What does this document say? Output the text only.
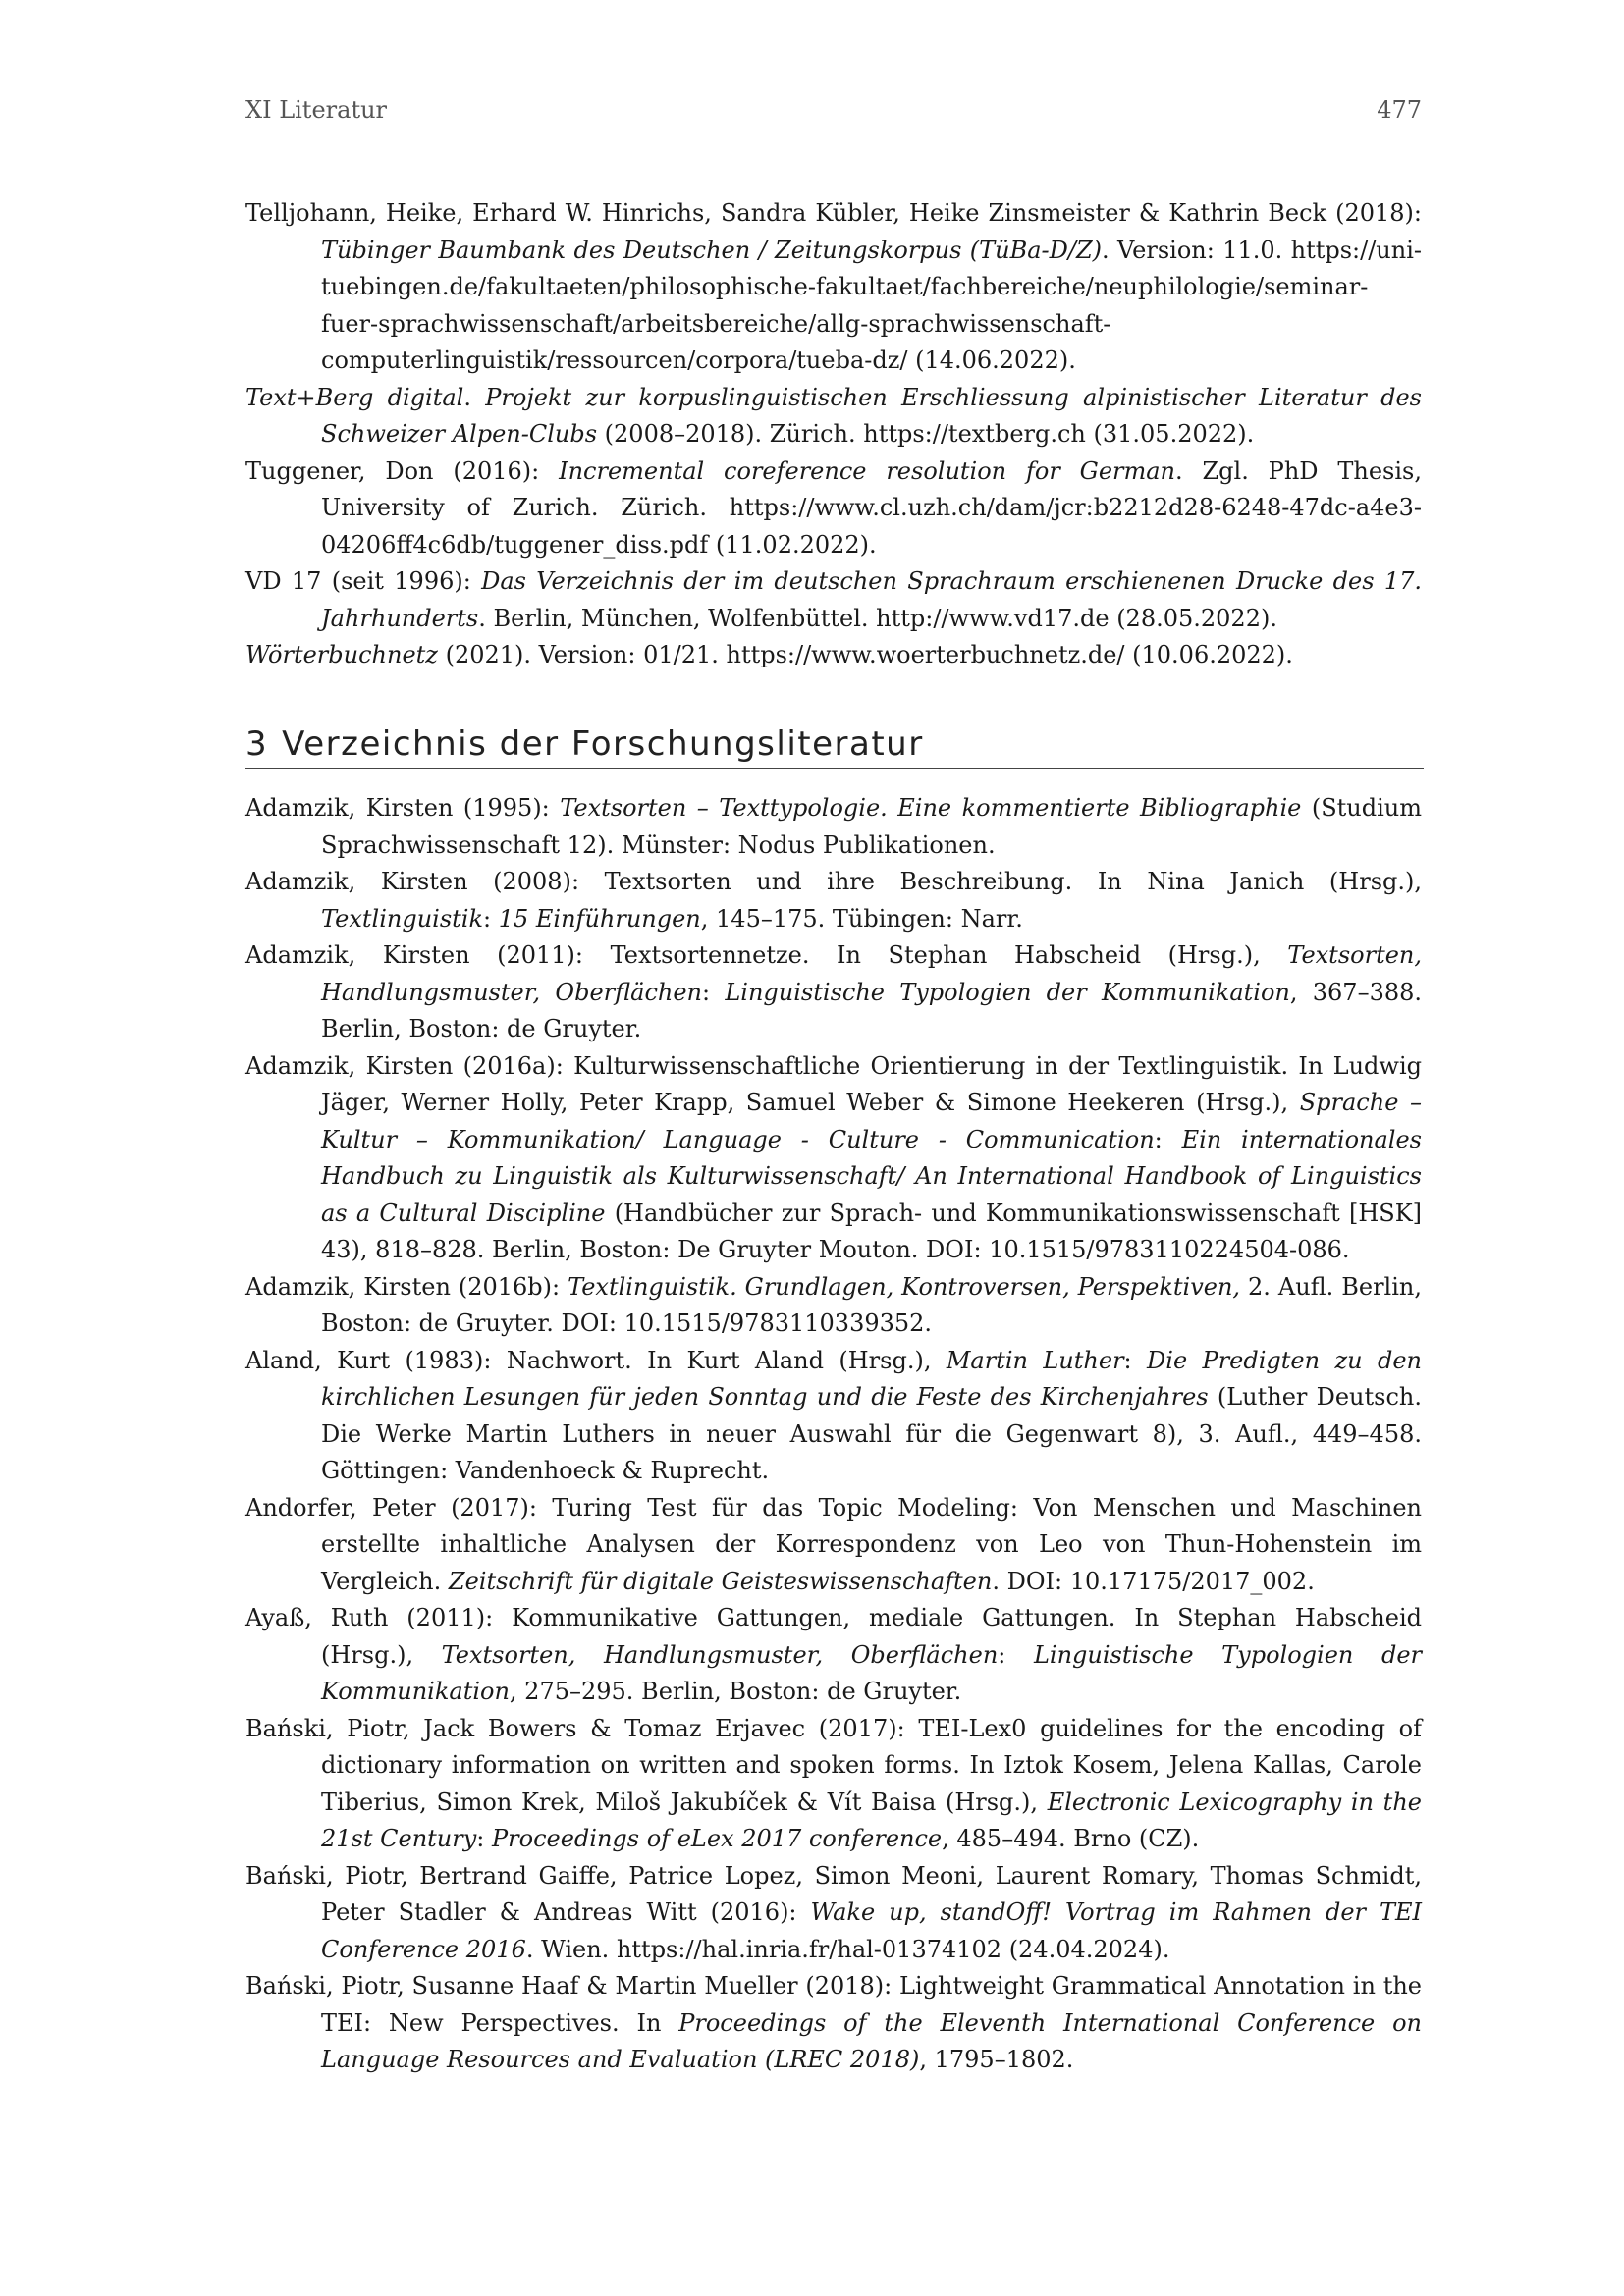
XI Literatur	477
Telljohann, Heike, Erhard W. Hinrichs, Sandra Kübler, Heike Zinsmeister & Kathrin Beck (2018): Tübinger Baumbank des Deutschen / Zeitungskorpus (TüBa-D/Z). Version: 11.0. https://uni-tuebingen.de/fakultaeten/philosophische-fakultaet/fachbereiche/neuphilologie/seminar-fuer-sprachwissenschaft/arbeitsbereiche/allg-sprachwissenschaft-computerlinguistik/ressourcen/corpora/tueba-dz/ (14.06.2022).
Text+Berg digital. Projekt zur korpuslinguistischen Erschliessung alpinistischer Literatur des Schweizer Alpen-Clubs (2008–2018). Zürich. https://textberg.ch (31.05.2022).
Tuggener, Don (2016): Incremental coreference resolution for German. Zgl. PhD Thesis, University of Zurich. Zürich. https://www.cl.uzh.ch/dam/jcr:b2212d28-6248-47dc-a4e3-04206ff4c6db/tuggener_diss.pdf (11.02.2022).
VD 17 (seit 1996): Das Verzeichnis der im deutschen Sprachraum erschienenen Drucke des 17. Jahrhunderts. Berlin, München, Wolfenbüttel. http://www.vd17.de (28.05.2022).
Wörterbuchnetz (2021). Version: 01/21. https://www.woerterbuchnetz.de/ (10.06.2022).
3 Verzeichnis der Forschungsliteratur
Adamzik, Kirsten (1995): Textsorten – Texttypologie. Eine kommentierte Bibliographie (Studium Sprachwissenschaft 12). Münster: Nodus Publikationen.
Adamzik, Kirsten (2008): Textsorten und ihre Beschreibung. In Nina Janich (Hrsg.), Textlinguistik: 15 Einführungen, 145–175. Tübingen: Narr.
Adamzik, Kirsten (2011): Textsortennetze. In Stephan Habscheid (Hrsg.), Textsorten, Handlungsmuster, Oberflächen: Linguistische Typologien der Kommunikation, 367–388. Berlin, Boston: de Gruyter.
Adamzik, Kirsten (2016a): Kulturwissenschaftliche Orientierung in der Textlinguistik. In Ludwig Jäger, Werner Holly, Peter Krapp, Samuel Weber & Simone Heekeren (Hrsg.), Sprache – Kultur – Kommunikation/ Language - Culture - Communication: Ein internationales Handbuch zu Linguistik als Kulturwissenschaft/ An International Handbook of Linguistics as a Cultural Discipline (Handbücher zur Sprach- und Kommunikationswissenschaft [HSK] 43), 818–828. Berlin, Boston: De Gruyter Mouton. DOI: 10.1515/9783110224504-086.
Adamzik, Kirsten (2016b): Textlinguistik. Grundlagen, Kontroversen, Perspektiven, 2. Aufl. Berlin, Boston: de Gruyter. DOI: 10.1515/9783110339352.
Aland, Kurt (1983): Nachwort. In Kurt Aland (Hrsg.), Martin Luther: Die Predigten zu den kirchlichen Lesungen für jeden Sonntag und die Feste des Kirchenjahres (Luther Deutsch. Die Werke Martin Luthers in neuer Auswahl für die Gegenwart 8), 3. Aufl., 449–458. Göttingen: Vandenhoeck & Ruprecht.
Andorfer, Peter (2017): Turing Test für das Topic Modeling: Von Menschen und Maschinen erstellte inhaltliche Analysen der Korrespondenz von Leo von Thun-Hohenstein im Vergleich. Zeitschrift für digitale Geisteswissenschaften. DOI: 10.17175/2017_002.
Ayaß, Ruth (2011): Kommunikative Gattungen, mediale Gattungen. In Stephan Habscheid (Hrsg.), Textsorten, Handlungsmuster, Oberflächen: Linguistische Typologien der Kommunikation, 275–295. Berlin, Boston: de Gruyter.
Bański, Piotr, Jack Bowers & Tomaz Erjavec (2017): TEI-Lex0 guidelines for the encoding of dictionary information on written and spoken forms. In Iztok Kosem, Jelena Kallas, Carole Tiberius, Simon Krek, Miloš Jakubíček & Vít Baisa (Hrsg.), Electronic Lexicography in the 21st Century: Proceedings of eLex 2017 conference, 485–494. Brno (CZ).
Bański, Piotr, Bertrand Gaiffe, Patrice Lopez, Simon Meoni, Laurent Romary, Thomas Schmidt, Peter Stadler & Andreas Witt (2016): Wake up, standOff! Vortrag im Rahmen der TEI Conference 2016. Wien. https://hal.inria.fr/hal-01374102 (24.04.2024).
Bański, Piotr, Susanne Haaf & Martin Mueller (2018): Lightweight Grammatical Annotation in the TEI: New Perspectives. In Proceedings of the Eleventh International Conference on Language Resources and Evaluation (LREC 2018), 1795–1802.
